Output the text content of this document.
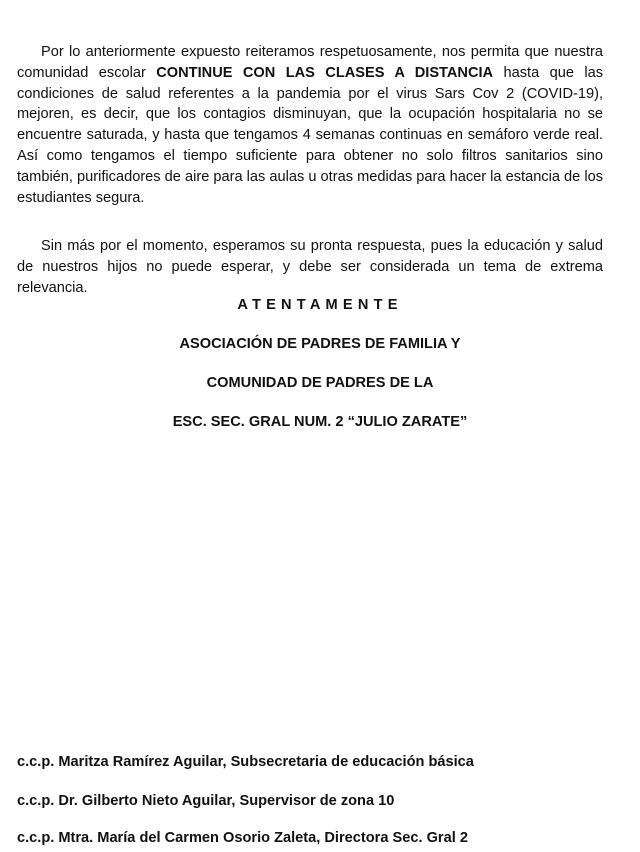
Por lo anteriormente expuesto reiteramos respetuosamente, nos permita que nuestra comunidad escolar CONTINUE CON LAS CLASES A DISTANCIA hasta que las condiciones de salud referentes a la pandemia por el virus Sars Cov 2 (COVID-19), mejoren, es decir, que los contagios disminuyan, que la ocupación hospitalaria no se encuentre saturada, y hasta que tengamos 4 semanas continuas en semáforo verde real. Así como tengamos el tiempo suficiente para obtener no solo filtros sanitarios sino también, purificadores de aire para las aulas u otras medidas para hacer la estancia de los estudiantes segura.

Sin más por el momento, esperamos su pronta respuesta, pues la educación y salud de nuestros hijos no puede esperar, y debe ser considerada un tema de extrema relevancia.

ATENTAMENTE

ASOCIACIÓN DE PADRES DE FAMILIA Y

COMUNIDAD DE PADRES DE LA

ESC. SEC. GRAL NUM. 2 “JULIO ZARATE”

c.c.p. Maritza Ramírez Aguilar, Subsecretaria de educación básica

c.c.p. Dr. Gilberto Nieto Aguilar, Supervisor de zona 10

c.c.p. Mtra. María del Carmen Osorio Zaleta, Directora Sec. Gral 2
